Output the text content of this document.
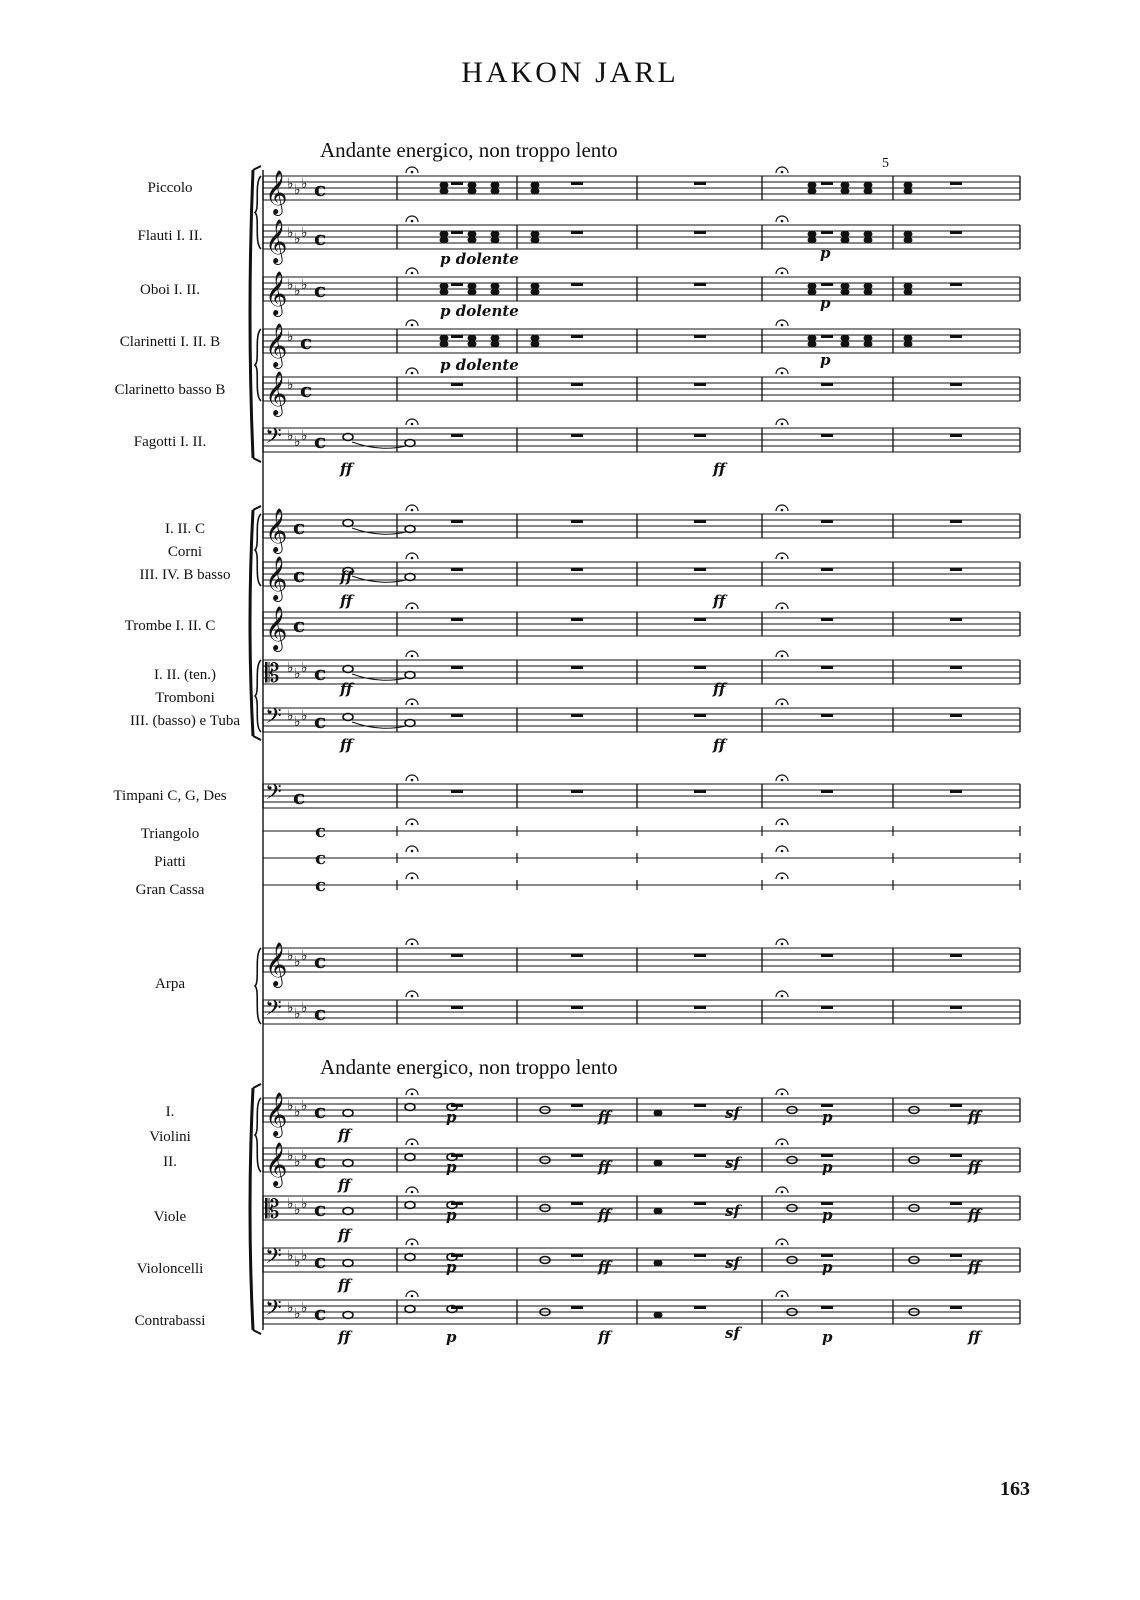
HAKON JARL
Andante energico, non troppo lento
Andante energico, non troppo lento
5
Piccolo
Flauti I. II.
Oboi I. II.
Clarinetti I. II. B
Clarinetto basso B
Fagotti I. II.
I. II. C
Corni
III. IV. B basso
Trombe I. II. C
I. II. (ten.)
Tromboni
III. (basso) e Tuba
Timpani C, G, Des
Triangolo
Piatti
Gran Cassa
Arpa
I.
Violini
II.
Viole
Violoncelli
Contrabassi
163
𝄞 ♭ ♭ ♭ c
𝄞 ♭ ♭ ♭ c
𝄞 ♭ ♭ ♭ c
𝄞 ♭ c
𝄞 ♭ c
𝄢 ♭ ♭ ♭ c
𝄞 c
𝄞 c
𝄞 c
𝄡 ♭ ♭ ♭ c
𝄢 ♭ ♭ ♭ c
𝄢 c
𝄞 ♭ ♭ ♭ c
𝄢 ♭ ♭ ♭ c
𝄞 ♭ ♭ ♭ c
𝄞 ♭ ♭ ♭ c
𝄡 ♭ ♭ ♭ c
𝄢 ♭ ♭ ♭ c
𝄢 ♭ ♭ ♭ c
c
c
c
ff	ff
ff
ff	ff
ff	ff
ff	ff
ff
ff
ff
ff
ff
p dolente
p dolente
p dolente
p
p
p
p	p	ff
ff	sf
p	p	ff
ff	sf
p	p	ff
ff	sf
p	p	ff
ff	sf
p	p	ff
ff	sf
